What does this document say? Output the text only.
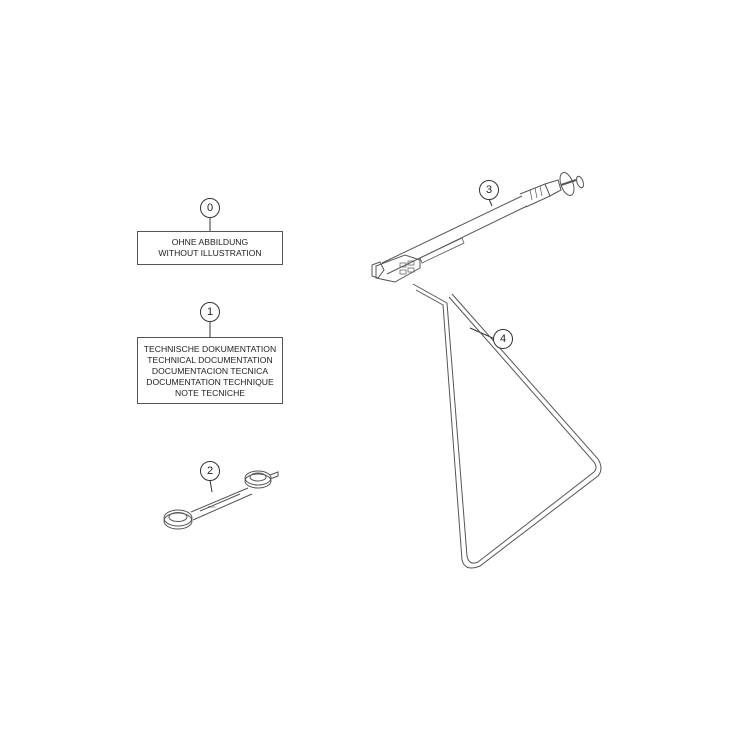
▭▭
0
1
2
3
4
OHNE ABBILDUNG
WITHOUT ILLUSTRATION
TECHNISCHE DOKUMENTATION
TECHNICAL DOCUMENTATION
DOCUMENTACION TECNICA
DOCUMENTATION TECHNIQUE
NOTE TECNICHE
